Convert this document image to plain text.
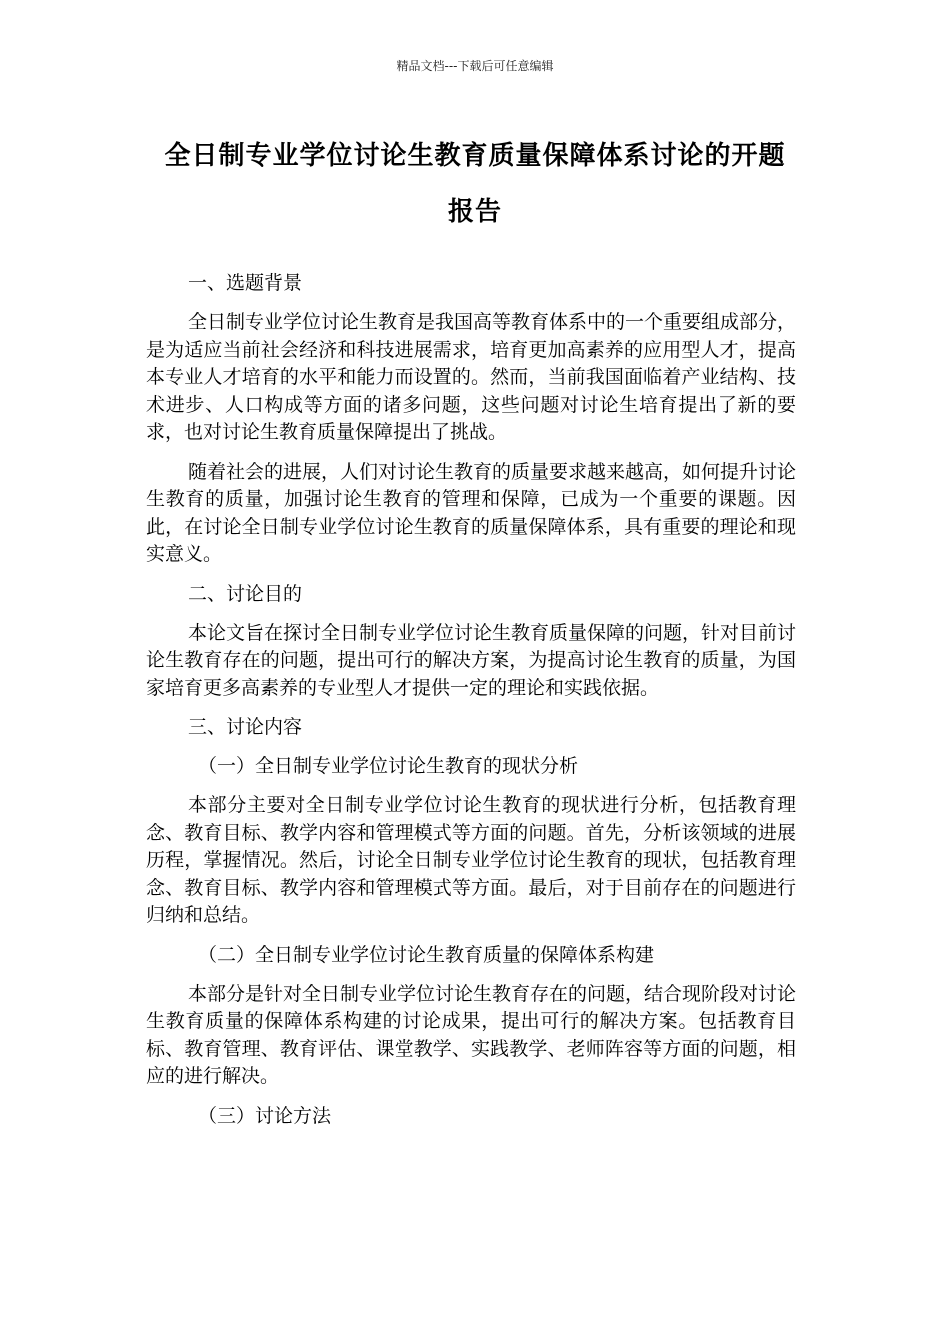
精品文档---下载后可任意编辑
全日制专业学位讨论生教育质量保障体系讨论的开题
报告
一、选题背景

全日制专业学位讨论生教育是我国高等教育体系中的一个重要组成部分，是为适应当前社会经济和科技进展需求，培育更加高素养的应用型人才，提高本专业人才培育的水平和能力而设置的。然而，当前我国面临着产业结构、技术进步、人口构成等方面的诸多问题，这些问题对讨论生培育提出了新的要求，也对讨论生教育质量保障提出了挑战。

随着社会的进展，人们对讨论生教育的质量要求越来越高，如何提升讨论生教育的质量，加强讨论生教育的管理和保障，已成为一个重要的课题。因此，在讨论全日制专业学位讨论生教育的质量保障体系，具有重要的理论和现实意义。

二、讨论目的

本论文旨在探讨全日制专业学位讨论生教育质量保障的问题，针对目前讨论生教育存在的问题，提出可行的解决方案，为提高讨论生教育的质量，为国家培育更多高素养的专业型人才提供一定的理论和实践依据。

三、讨论内容
（一）全日制专业学位讨论生教育的现状分析

本部分主要对全日制专业学位讨论生教育的现状进行分析，包括教育理念、教育目标、教学内容和管理模式等方面的问题。首先，分析该领域的进展历程，掌握情况。然后，讨论全日制专业学位讨论生教育的现状，包括教育理念、教育目标、教学内容和管理模式等方面。最后，对于目前存在的问题进行归纳和总结。

（二）全日制专业学位讨论生教育质量的保障体系构建

本部分是针对全日制专业学位讨论生教育存在的问题，结合现阶段对讨论生教育质量的保障体系构建的讨论成果，提出可行的解决方案。包括教育目标、教育管理、教育评估、课堂教学、实践教学、老师阵容等方面的问题，相应的进行解决。

（三）讨论方法
